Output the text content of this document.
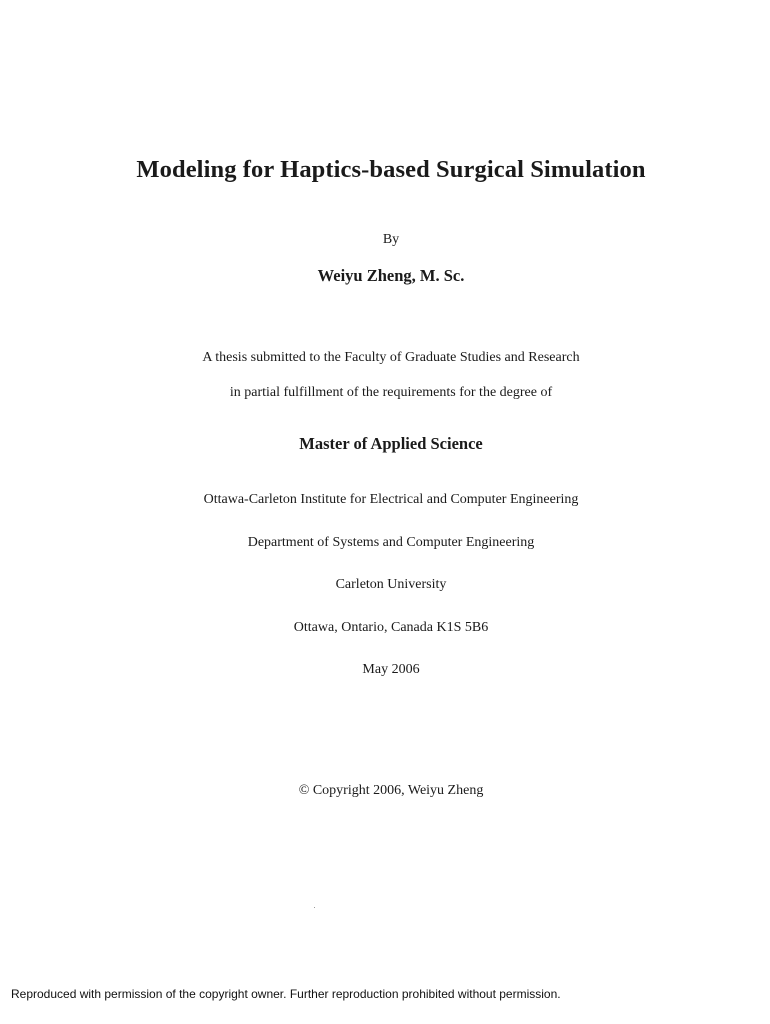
Modeling for Haptics-based Surgical Simulation
By
Weiyu Zheng, M. Sc.
A thesis submitted to the Faculty of Graduate Studies and Research
in partial fulfillment of the requirements for the degree of
Master of Applied Science
Ottawa-Carleton Institute for Electrical and Computer Engineering
Department of Systems and Computer Engineering
Carleton University
Ottawa, Ontario, Canada K1S 5B6
May 2006
© Copyright 2006, Weiyu Zheng
Reproduced with permission of the copyright owner. Further reproduction prohibited without permission.
